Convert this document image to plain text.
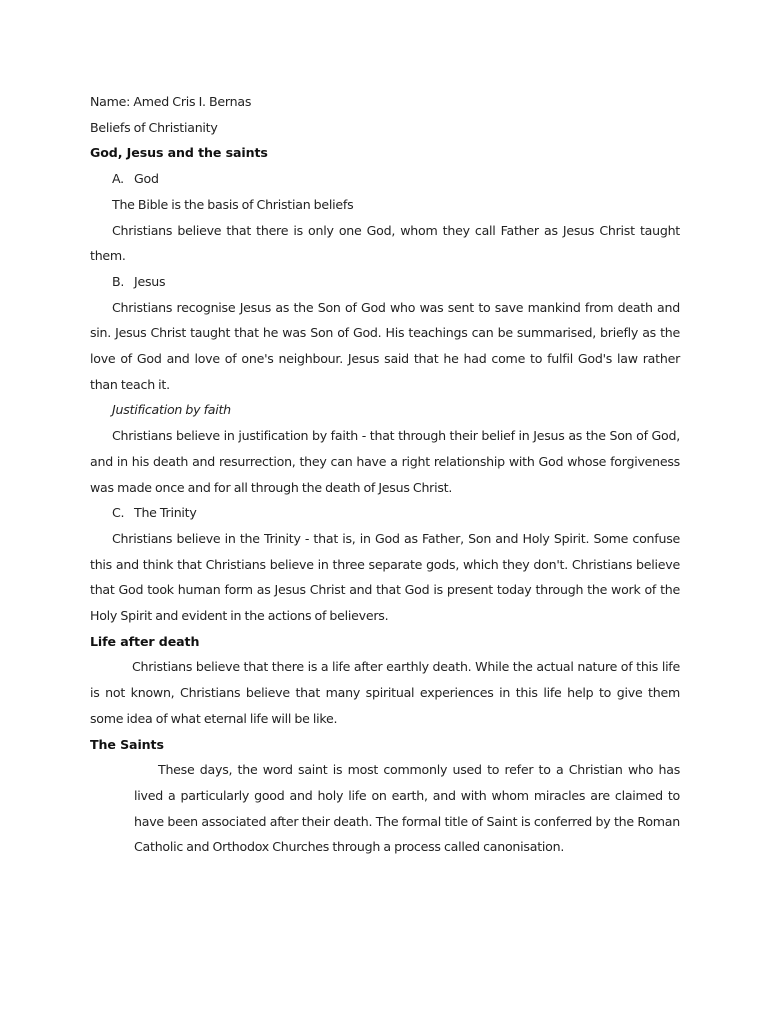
Name: Amed Cris I. Bernas

Beliefs of Christianity

God, Jesus and the saints

A. God

The Bible is the basis of Christian beliefs

Christians believe that there is only one God, whom they call Father as Jesus Christ taught them.

B. Jesus

Christians recognise Jesus as the Son of God who was sent to save mankind from death and sin. Jesus Christ taught that he was Son of God. His teachings can be summarised, briefly as the love of God and love of one's neighbour. Jesus said that he had come to fulfil God's law rather than teach it.

Justification by faith

Christians believe in justification by faith - that through their belief in Jesus as the Son of God, and in his death and resurrection, they can have a right relationship with God whose forgiveness was made once and for all through the death of Jesus Christ.

C. The Trinity

Christians believe in the Trinity - that is, in God as Father, Son and Holy Spirit. Some confuse this and think that Christians believe in three separate gods, which they don't. Christians believe that God took human form as Jesus Christ and that God is present today through the work of the Holy Spirit and evident in the actions of believers.

Life after death

Christians believe that there is a life after earthly death. While the actual nature of this life is not known, Christians believe that many spiritual experiences in this life help to give them some idea of what eternal life will be like.

The Saints

These days, the word saint is most commonly used to refer to a Christian who has lived a particularly good and holy life on earth, and with whom miracles are claimed to have been associated after their death. The formal title of Saint is conferred by the Roman Catholic and Orthodox Churches through a process called canonisation.
